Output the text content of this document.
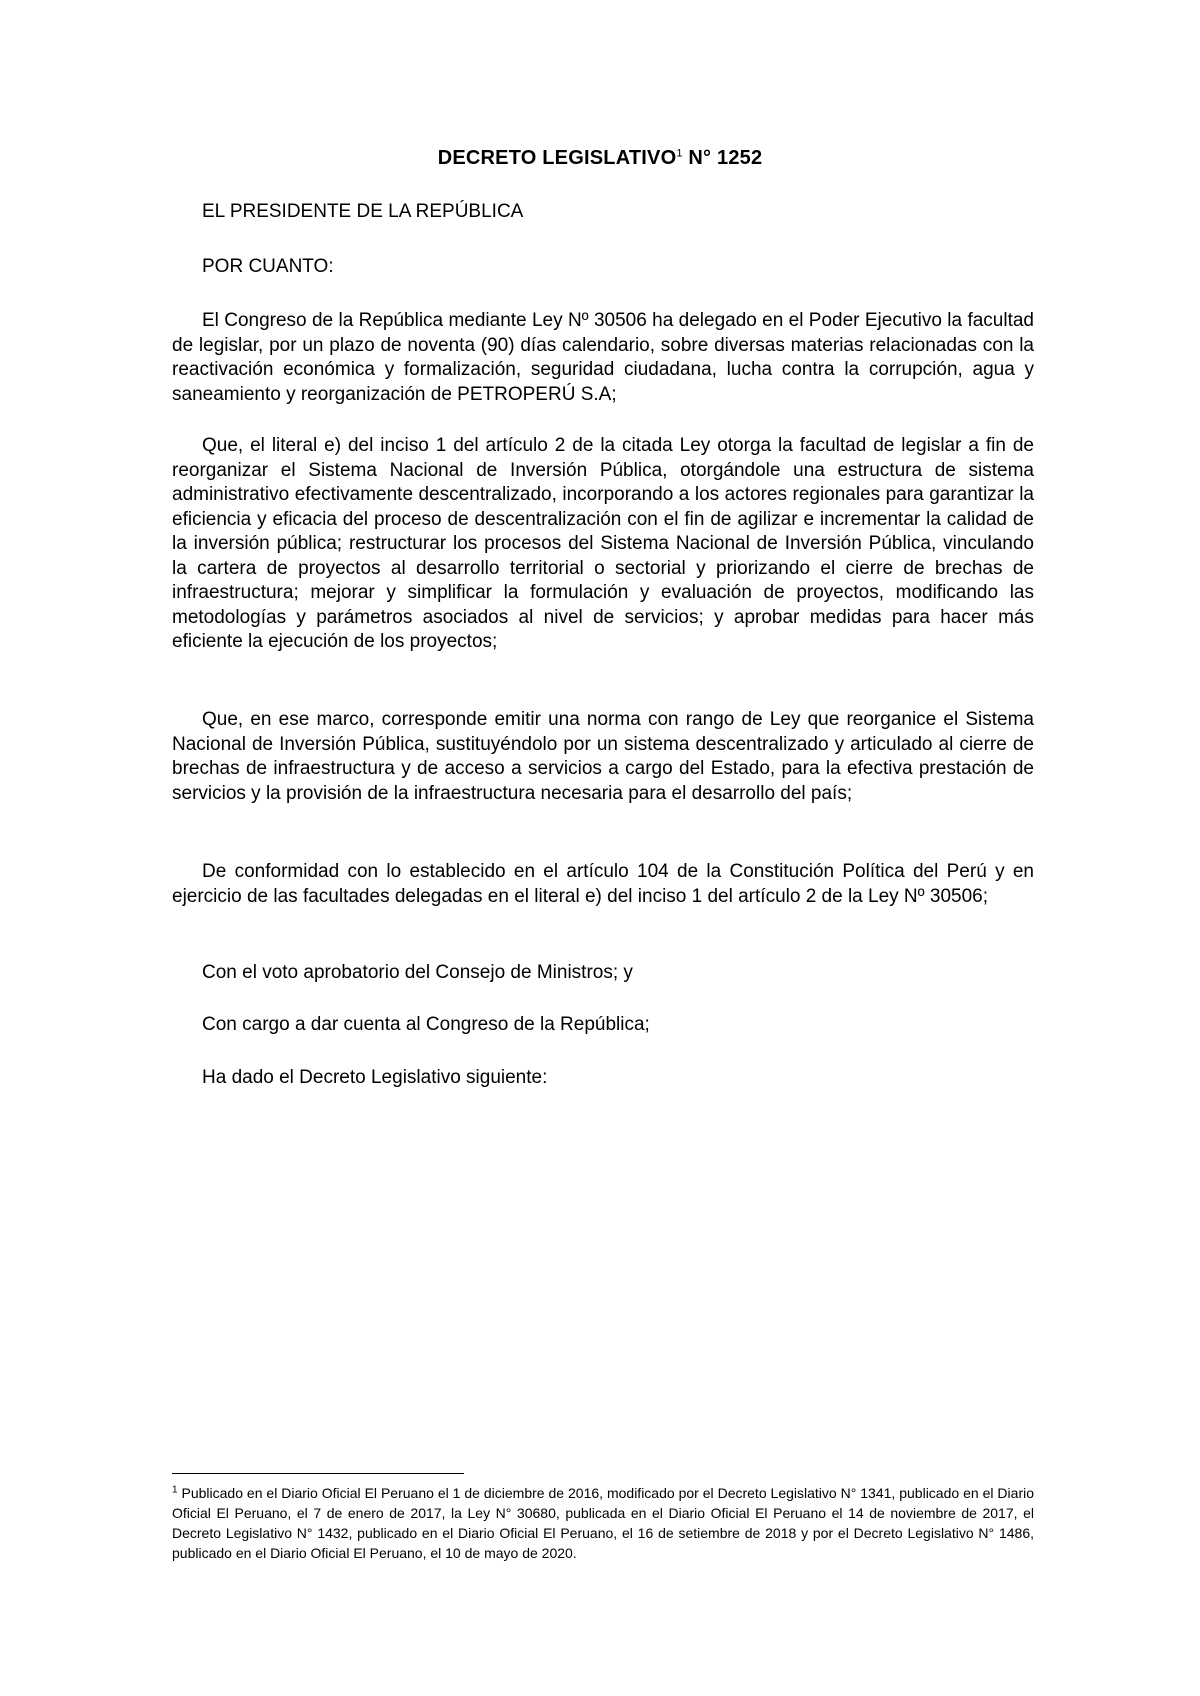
DECRETO LEGISLATIVO$^1$ N° 1252
EL PRESIDENTE DE LA REPÚBLICA
POR CUANTO:
El Congreso de la República mediante Ley Nº 30506 ha delegado en el Poder Ejecutivo la facultad de legislar, por un plazo de noventa (90) días calendario, sobre diversas materias relacionadas con la reactivación económica y formalización, seguridad ciudadana, lucha contra la corrupción, agua y saneamiento y reorganización de PETROPERÚ S.A;
Que, el literal e) del inciso 1 del artículo 2 de la citada Ley otorga la facultad de legislar a fin de reorganizar el Sistema Nacional de Inversión Pública, otorgándole una estructura de sistema administrativo efectivamente descentralizado, incorporando a los actores regionales para garantizar la eficiencia y eficacia del proceso de descentralización con el fin de agilizar e incrementar la calidad de la inversión pública; restructurar los procesos del Sistema Nacional de Inversión Pública, vinculando la cartera de proyectos al desarrollo territorial o sectorial y priorizando el cierre de brechas de infraestructura; mejorar y simplificar la formulación y evaluación de proyectos, modificando las metodologías y parámetros asociados al nivel de servicios; y aprobar medidas para hacer más eficiente la ejecución de los proyectos;
Que, en ese marco, corresponde emitir una norma con rango de Ley que reorganice el Sistema Nacional de Inversión Pública, sustituyéndolo por un sistema descentralizado y articulado al cierre de brechas de infraestructura y de acceso a servicios a cargo del Estado, para la efectiva prestación de servicios y la provisión de la infraestructura necesaria para el desarrollo del país;
De conformidad con lo establecido en el artículo 104 de la Constitución Política del Perú y en ejercicio de las facultades delegadas en el literal e) del inciso 1 del artículo 2 de la Ley Nº 30506;
Con el voto aprobatorio del Consejo de Ministros; y
Con cargo a dar cuenta al Congreso de la República;
Ha dado el Decreto Legislativo siguiente:
$^1$ Publicado en el Diario Oficial El Peruano el 1 de diciembre de 2016, modificado por el Decreto Legislativo N° 1341, publicado en el Diario Oficial El Peruano, el 7 de enero de 2017, la Ley N° 30680, publicada en el Diario Oficial El Peruano el 14 de noviembre de 2017, el Decreto Legislativo N° 1432, publicado en el Diario Oficial El Peruano, el 16 de setiembre de 2018 y por el Decreto Legislativo N° 1486, publicado en el Diario Oficial El Peruano, el 10 de mayo de 2020.
